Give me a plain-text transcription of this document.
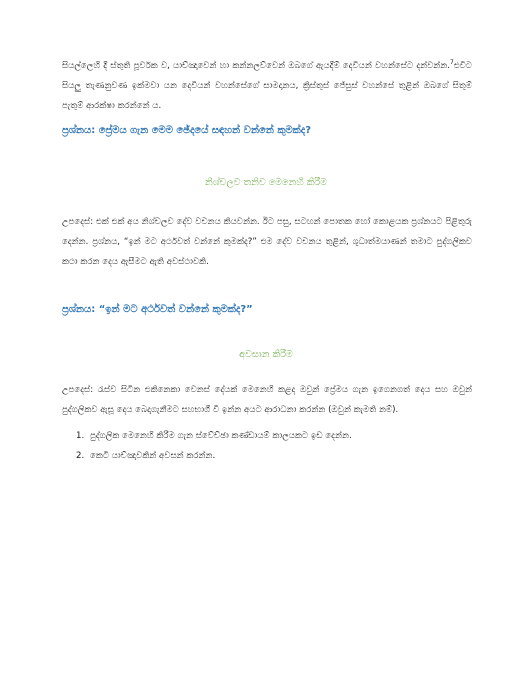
සියල්ලෙහි දී ස්තුති පූර්වක ව, යාච්ඤාවෙන් හා කන්නලව්වෙන් ඔබගේ ඇයදීම් දෙවියන් වහන්සේට දන්වන්න.$^7$එවිට සියලු තැණනුවණ ඉක්මවා යන දෙවියන් වහන්සේගේ සාමදානය, ක්‍රිස්තුස් ජේසුස් වහන්සේ තුළින් ඔබගේ සිතුම් පැතුම් ආරක්ෂා කරන්නේ ය.

ප්‍රශ්නය: ප්‍රේමය ගැන මෙම ඡේදයේ සඳහන් වන්නේ කුමක්ද?
නිශ්චලව තනිව මෙනෙහි කිරීම

උපදෙස්: එක් එක් අය නිශ්චලව දේව වචනය කියවන්න. ඊට පසු, සටහන් පොතක හෝ කොළයක ප්‍රශ්නයට පිළිතුරු දෙන්න. ප්‍රශ්නය, “ඉන් මට අර්ථවත් වන්නේ කුමක්ද?” එම දේව වචනය තුළින්, ශුධාත්මයාණන් තමාට පුද්ගලිකව කථා කරන දෙය ඇසීමට ඇති අවස්ථාවකි.

ප්‍රශ්නය: “ඉන් මට අර්ථවත් වන්නේ කුමක්ද?”
අවසාන කිරීම

උපදෙස්: රැස්ව සිටින එකිනෙකා වෙනස් දේයක් මෙනෙහි කළද ඔවුන් ප්‍රේමය ගැන ඉගෙනගත් දෙය සහ ඔවුන් පුද්ගලිකව ඇසූ දෙය බෙදාගැනීමට සහභාගී වී ඉන්න අයට ආරාධනා කරන්න (ඔවුන් කැමති නම්).

1. පුද්ගලික මෙනෙහි කිරීම ගැන ස්වේච්ඡා කණ්ඩායම් කාලයකට ඉඩ දෙන්න.
2. කෙටි යාච්ඤාවකින් අවසන් කරන්න.
